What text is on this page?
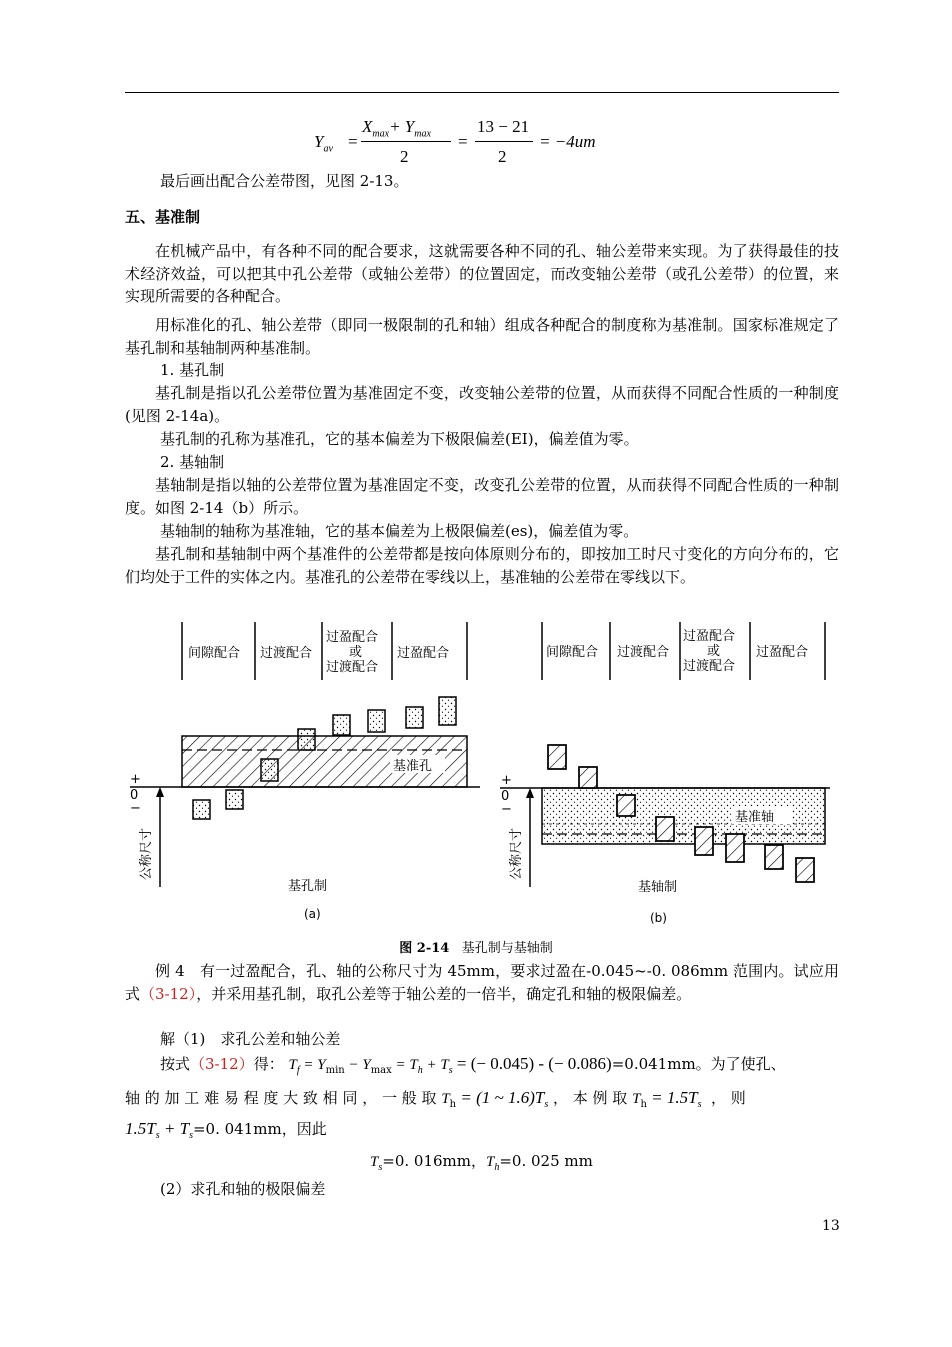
$Y_{av}$ =
$X_{max}+ Y_{max}$
2
=
13 − 21
2
= −4um
最后画出配合公差带图，见图 2-13。
五、基准制
在机械产品中，有各种不同的配合要求，这就需要各种不同的孔、轴公差带来实现。为了获得最佳的技术经济效益，可以把其中孔公差带（或轴公差带）的位置固定，而改变轴公差带（或孔公差带）的位置，来实现所需要的各种配合。
用标准化的孔、轴公差带（即同一极限制的孔和轴）组成各种配合的制度称为基准制。国家标准规定了基孔制和基轴制两种基准制。
1. 基孔制
基孔制是指以孔公差带位置为基准固定不变，改变轴公差带的位置，从而获得不同配合性质的一种制度(见图 2-14a)。
基孔制的孔称为基准孔，它的基本偏差为下极限偏差(EI)，偏差值为零。
2. 基轴制
基轴制是指以轴的公差带位置为基准固定不变，改变孔公差带的位置，从而获得不同配合性质的一种制度。如图 2-14（b）所示。
基轴制的轴称为基准轴，它的基本偏差为上极限偏差(es)，偏差值为零。
基孔制和基轴制中两个基准件的公差带都是按向体原则分布的，即按加工时尺寸变化的方向分布的，它们均处于工件的实体之内。基准孔的公差带在零线以上，基准轴的公差带在零线以下。
间隙配合 过渡配合
过盈配合
或
过渡配合
过盈配合
基准孔
+
0
−
公称尺寸
基孔制
(a)
间隙配合 过渡配合
过盈配合
或
过渡配合
过盈配合
+
0
−
公称尺寸
基准轴
基轴制
(b)
图 2-14 基孔制与基轴制
例 4　有一过盈配合，孔、轴的公称尺寸为 45mm，要求过盈在-0.045~-0. 086mm 范围内。试应用式（3-12），并采用基孔制，取孔公差等于轴公差的一倍半，确定孔和轴的极限偏差。
解（1)　求孔公差和轴公差
按式（3-12）得： $T_f = Y_{min} - Y_{max} = T_h + T_s$ = (− 0.045) - (− 0.086)=0.041mm。为了使孔、
轴 的 加 工 难 易 程 度 大 致 相 同 ， 一 般 取 $T_h = (1$ ~ $1.6)T_s$ ， 本 例 取 $T_h = 1.5T_s$ ， 则
$1.5T_s + T_s=0$. 041mm，因此
$T_s=0$. 016mm，$T_h=0$. 025 mm
(2）求孔和轴的极限偏差
13
